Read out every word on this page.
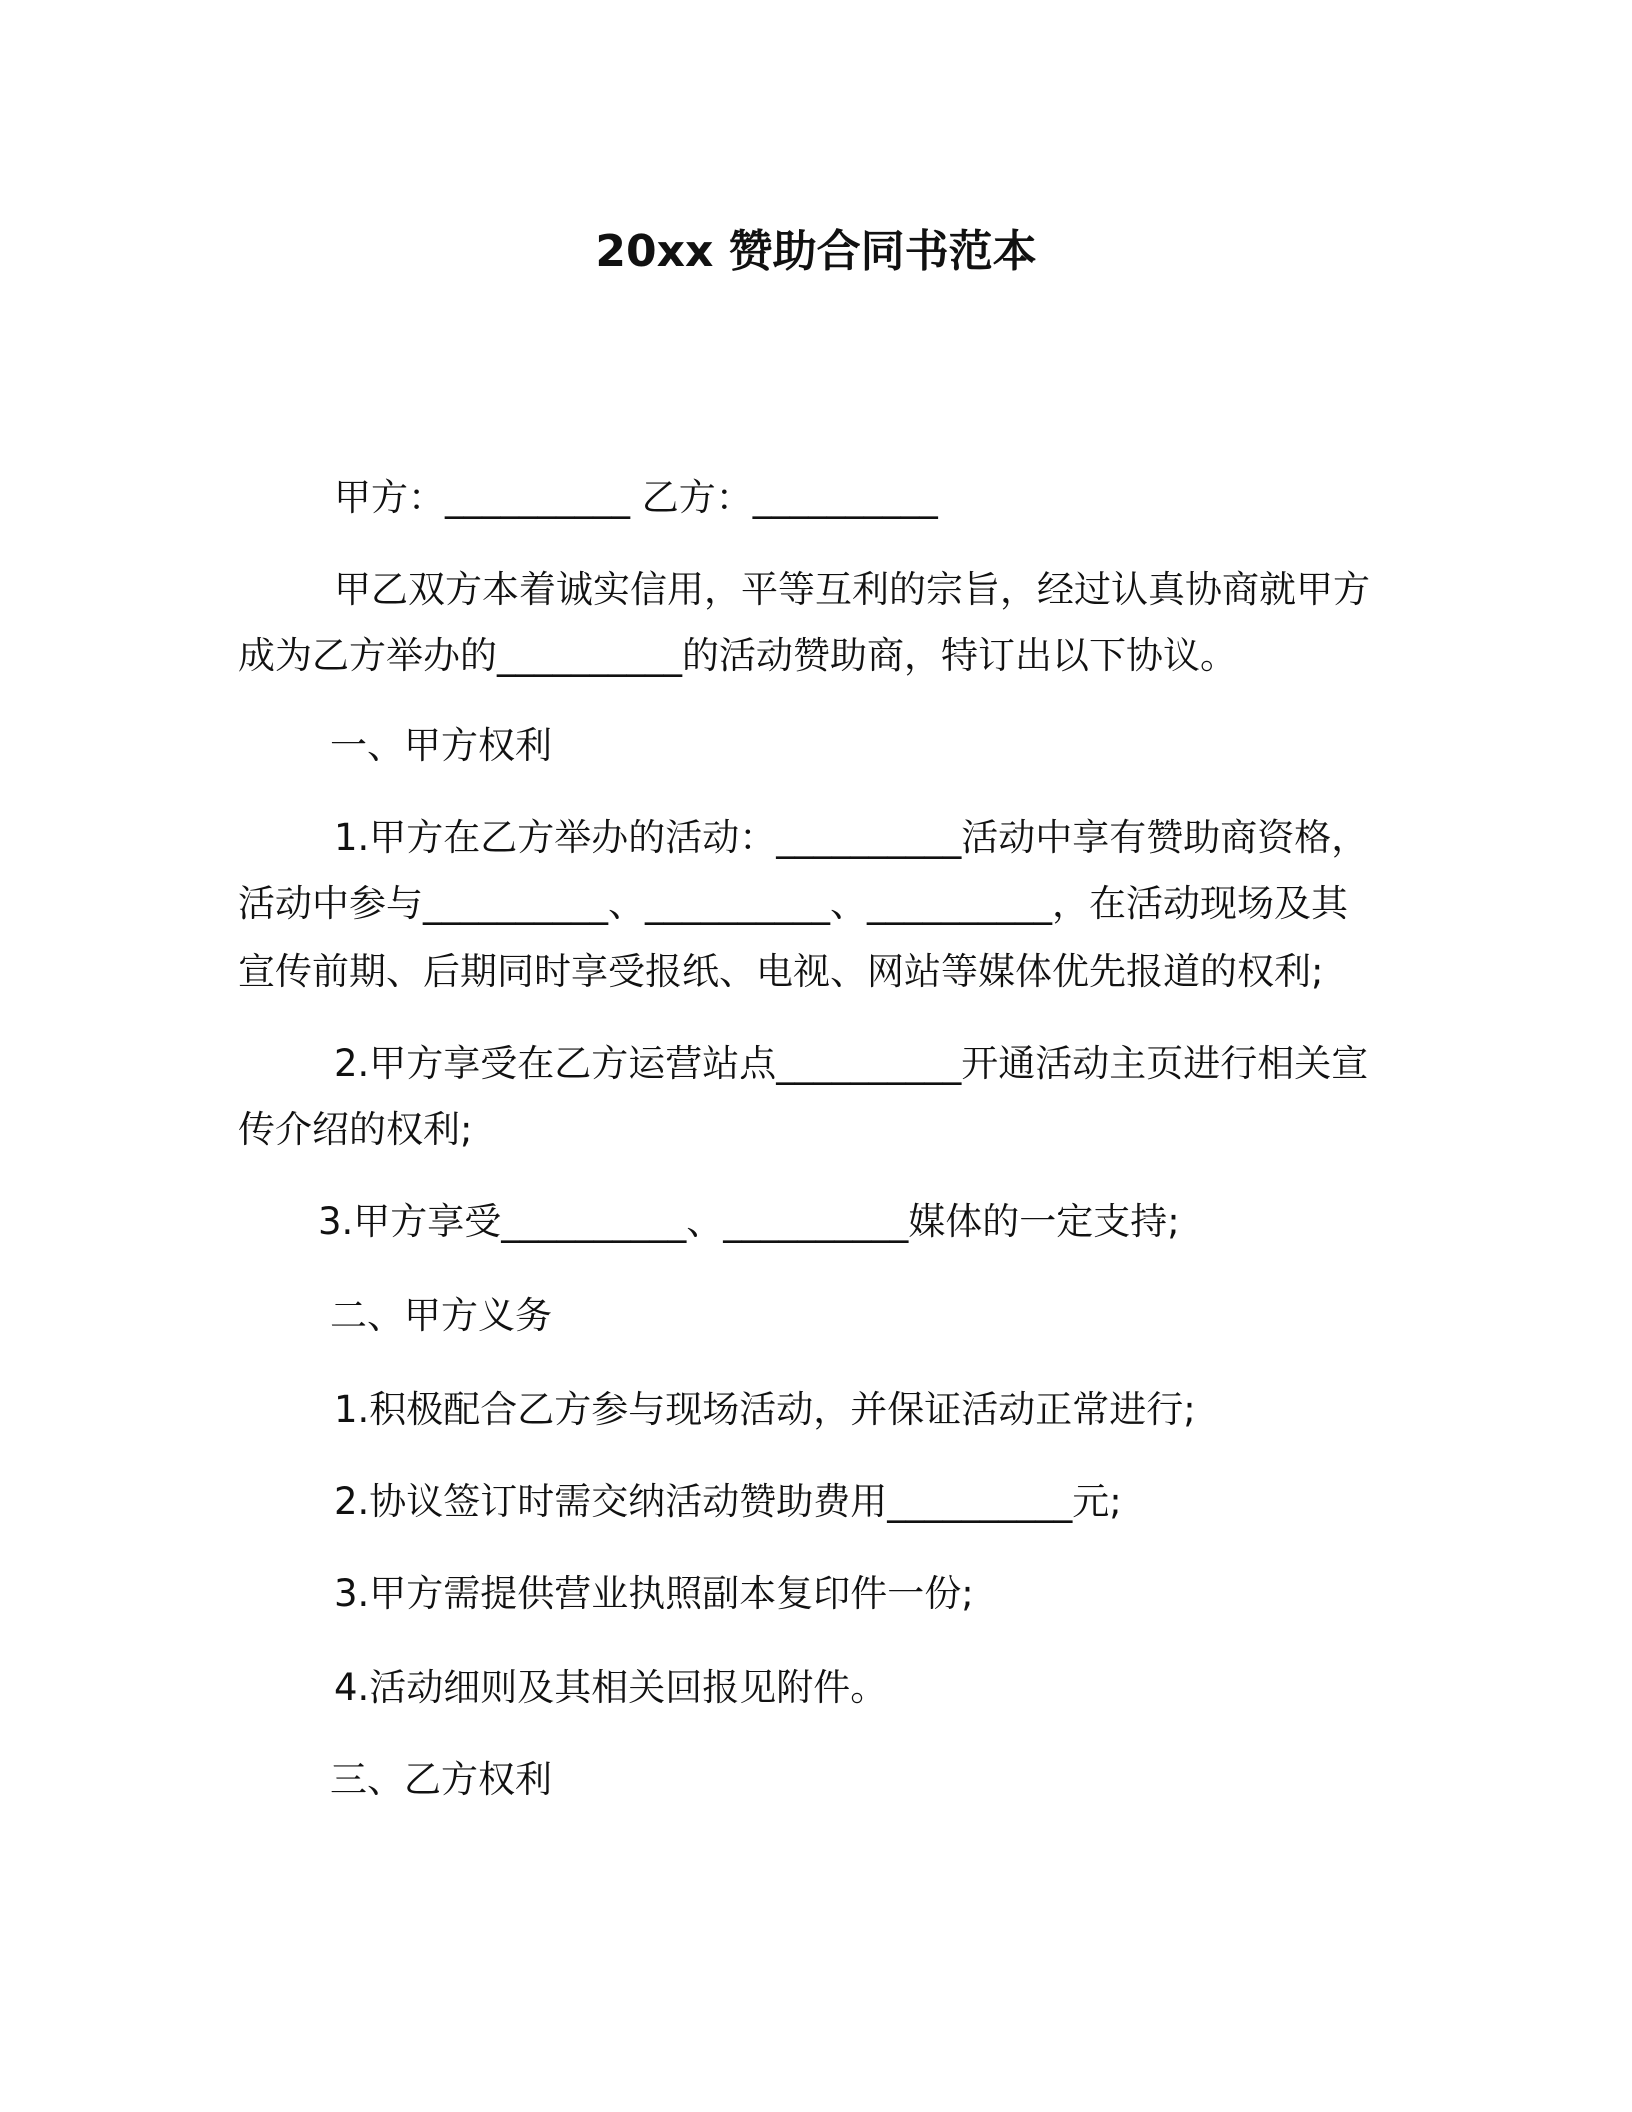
20xx 赞助合同书范本
甲方：__________ 乙方：__________
甲乙双方本着诚实信用，平等互利的宗旨，经过认真协商就甲方
成为乙方举办的__________的活动赞助商，特订出以下协议。
一、甲方权利
1.甲方在乙方举办的活动：__________活动中享有赞助商资格，
活动中参与__________、__________、__________，在活动现场及其
宣传前期、后期同时享受报纸、电视、网站等媒体优先报道的权利;
2.甲方享受在乙方运营站点__________开通活动主页进行相关宣
传介绍的权利;
3.甲方享受__________、__________媒体的一定支持;
二、甲方义务
1.积极配合乙方参与现场活动，并保证活动正常进行;
2.协议签订时需交纳活动赞助费用__________元;
3.甲方需提供营业执照副本复印件一份;
4.活动细则及其相关回报见附件。
三、乙方权利
